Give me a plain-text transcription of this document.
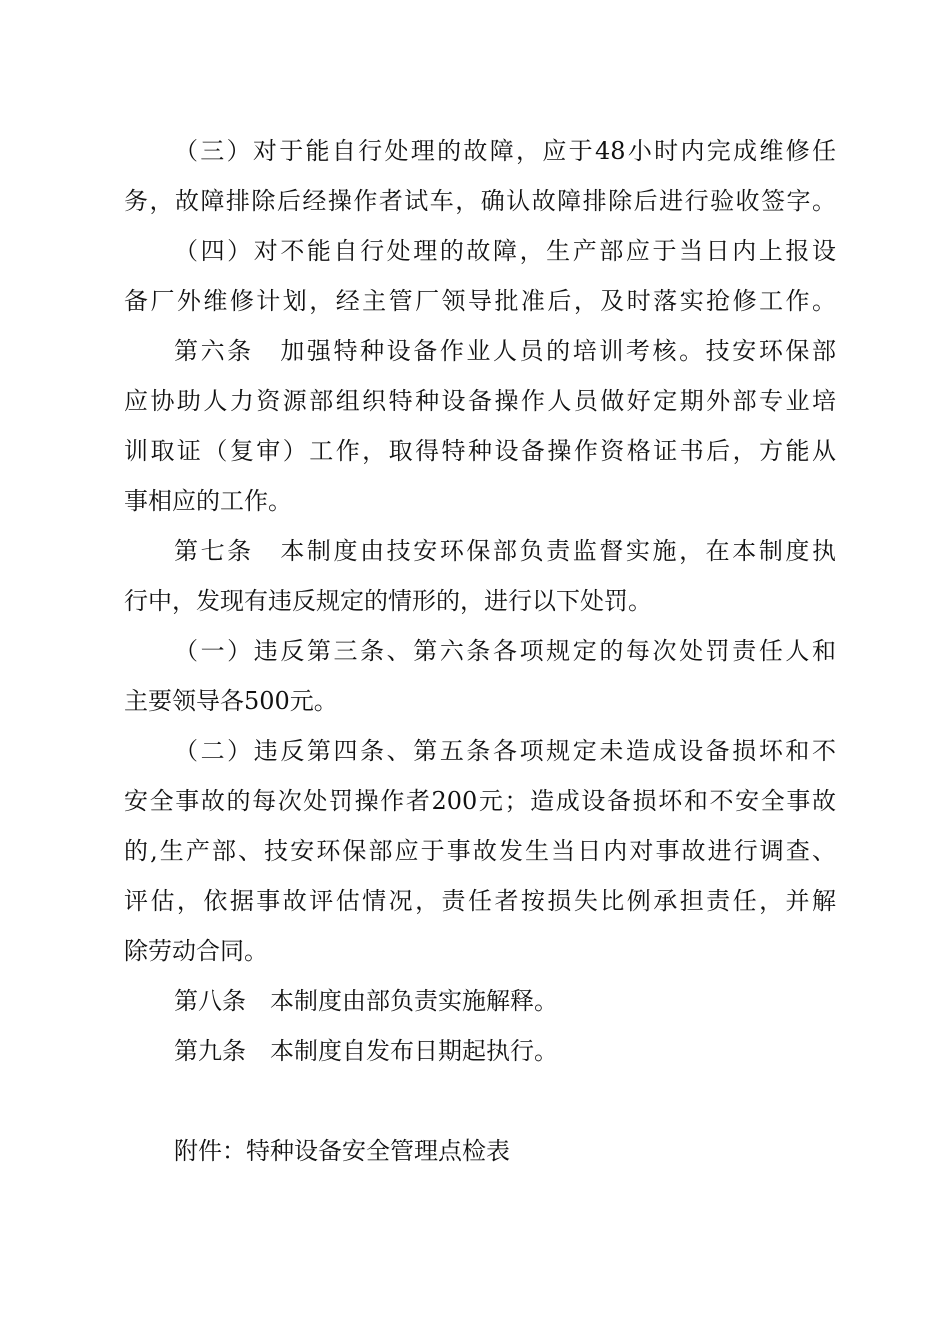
（三）对于能自行处理的故障，应于48小时内完成维修任
务，故障排除后经操作者试车，确认故障排除后进行验收签字。
（四）对不能自行处理的故障，生产部应于当日内上报设
备厂外维修计划，经主管厂领导批准后，及时落实抢修工作。
第六条　加强特种设备作业人员的培训考核。技安环保部
应协助人力资源部组织特种设备操作人员做好定期外部专业培
训取证（复审）工作，取得特种设备操作资格证书后，方能从
事相应的工作。
第七条　本制度由技安环保部负责监督实施，在本制度执
行中，发现有违反规定的情形的，进行以下处罚。
（一）违反第三条、第六条各项规定的每次处罚责任人和
主要领导各500元。
（二）违反第四条、第五条各项规定未造成设备损坏和不
安全事故的每次处罚操作者200元；造成设备损坏和不安全事故
的,生产部、技安环保部应于事故发生当日内对事故进行调查、
评估，依据事故评估情况，责任者按损失比例承担责任，并解
除劳动合同。
第八条　本制度由部负责实施解释。
第九条　本制度自发布日期起执行。
附件：特种设备安全管理点检表
